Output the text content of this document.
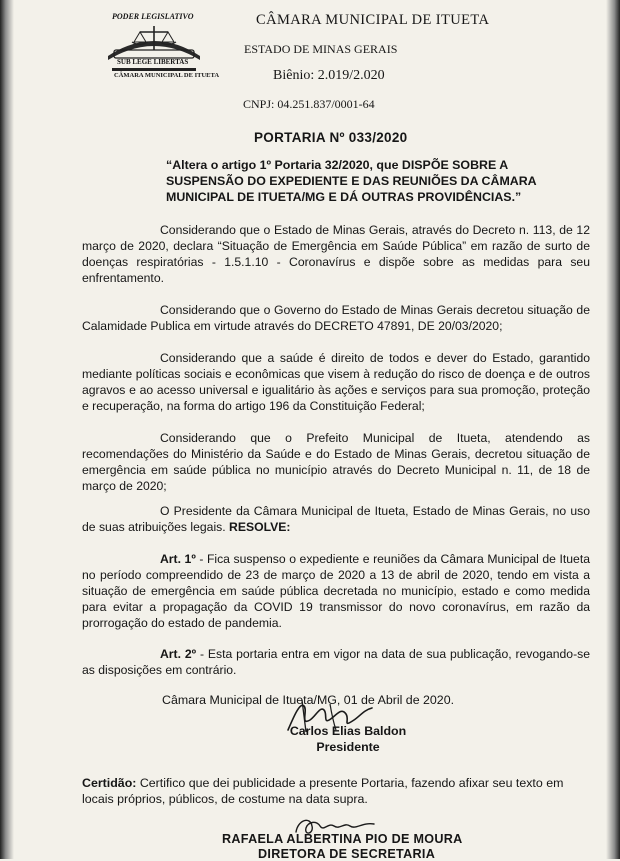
PODER LEGISLATIVO
SUB LEGE LIBERTAS
CÂMARA MUNICIPAL DE ITUETA
CÂMARA MUNICIPAL DE ITUETA
ESTADO DE MINAS GERAIS
Biênio: 2.019/2.020
CNPJ: 04.251.837/0001-64
PORTARIA Nº 033/2020

“Altera o artigo 1º Portaria 32/2020, que DISPÕE SOBRE A SUSPENSÃO DO EXPEDIENTE E DAS REUNIÕES DA CÂMARA MUNICIPAL DE ITUETA/MG E DÁ OUTRAS PROVIDÊNCIAS.”

Considerando que o Estado de Minas Gerais, através do Decreto n. 113, de 12 março de 2020, declara “Situação de Emergência em Saúde Pública” em razão de surto de doenças respiratórias - 1.5.1.10 - Coronavírus e dispõe sobre as medidas para seu enfrentamento.

Considerando que o Governo do Estado de Minas Gerais decretou situação de Calamidade Publica em virtude através do DECRETO 47891, DE 20/03/2020;

Considerando que a saúde é direito de todos e dever do Estado, garantido mediante políticas sociais e econômicas que visem à redução do risco de doença e de outros agravos e ao acesso universal e igualitário às ações e serviços para sua promoção, proteção e recuperação, na forma do artigo 196 da Constituição Federal;

Considerando que o Prefeito Municipal de Itueta, atendendo as recomendações do Ministério da Saúde e do Estado de Minas Gerais, decretou situação de emergência em saúde pública no município através do Decreto Municipal n. 11, de 18 de março de 2020;

O Presidente da Câmara Municipal de Itueta, Estado de Minas Gerais, no uso de suas atribuições legais. RESOLVE:

Art. 1º - Fica suspenso o expediente e reuniões da Câmara Municipal de Itueta no período compreendido de 23 de março de 2020 a 13 de abril de 2020, tendo em vista a situação de emergência em saúde pública decretada no município, estado e como medida para evitar a propagação da COVID 19 transmissor do novo coronavírus, em razão da prorrogação do estado de pandemia.

Art. 2º - Esta portaria entra em vigor na data de sua publicação, revogando-se as disposições em contrário.

Câmara Municipal de Itueta/MG, 01 de Abril de 2020.
Carlos Elias Baldon
Presidente

Certidão: Certifico que dei publicidade a presente Portaria, fazendo afixar seu texto em locais próprios, públicos, de costume na data supra.

RAFAELA ALBERTINA PIO DE MOURA
DIRETORA DE SECRETARIA
